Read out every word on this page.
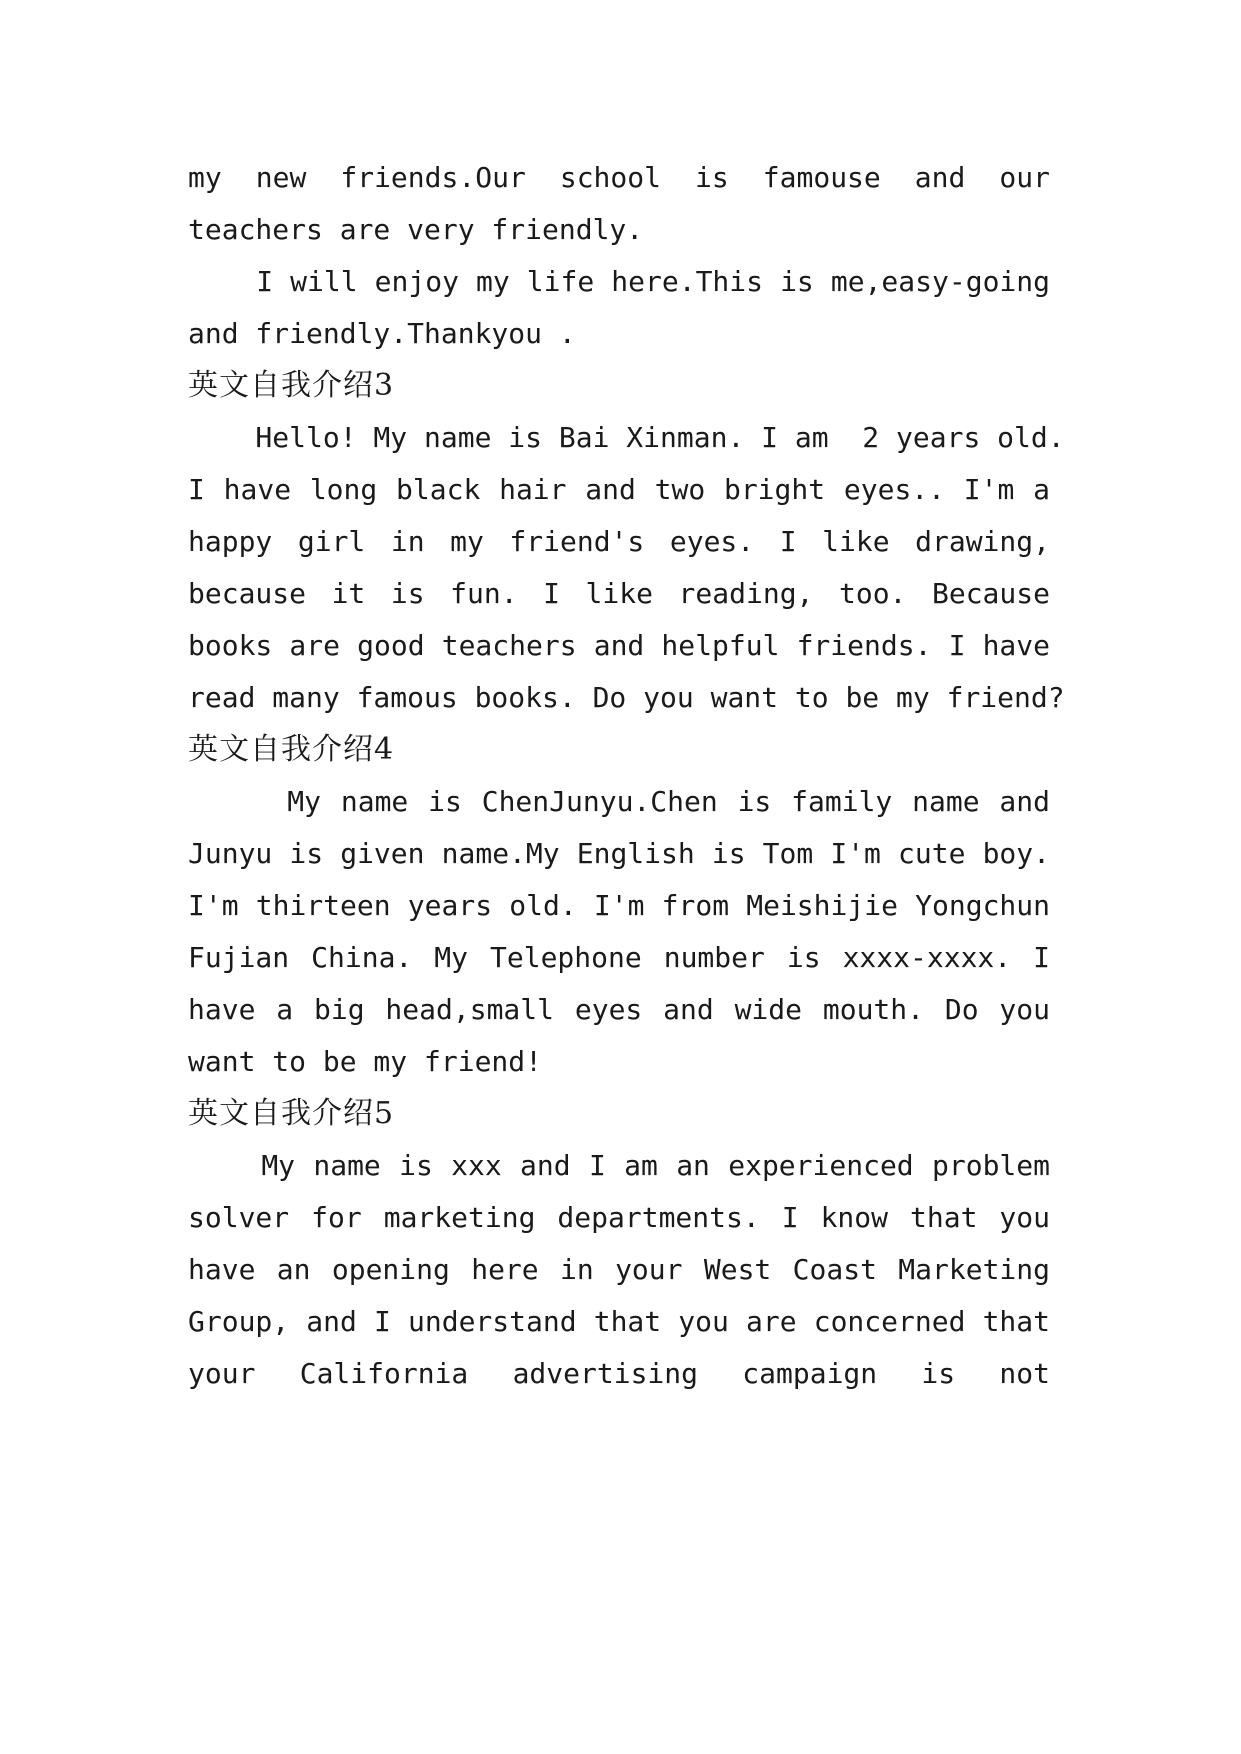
my new friends.Our school is famouse and our
teachers are very friendly.
I will enjoy my life here.This is me,easy-going
and friendly.Thankyou .
英文自我介绍3
Hello! My name is Bai Xinman. I am  2 years old.
I have long black hair and two bright eyes.. I'm a
happy girl in my friend's eyes. I like drawing,
because it is fun. I like reading, too. Because
books are good teachers and helpful friends. I have
read many famous books. Do you want to be my friend?
英文自我介绍4
My name is ChenJunyu.Chen is family name and
Junyu is given name.My English is Tom I'm cute boy.
I'm thirteen years old. I'm from Meishijie Yongchun
Fujian China. My Telephone number is xxxx-xxxx. I
have a big head,small eyes and wide mouth. Do you
want to be my friend!
英文自我介绍5
My name is xxx and I am an experienced problem
solver for marketing departments. I know that you
have an opening here in your West Coast Marketing
Group, and I understand that you are concerned that
your California advertising campaign is not
